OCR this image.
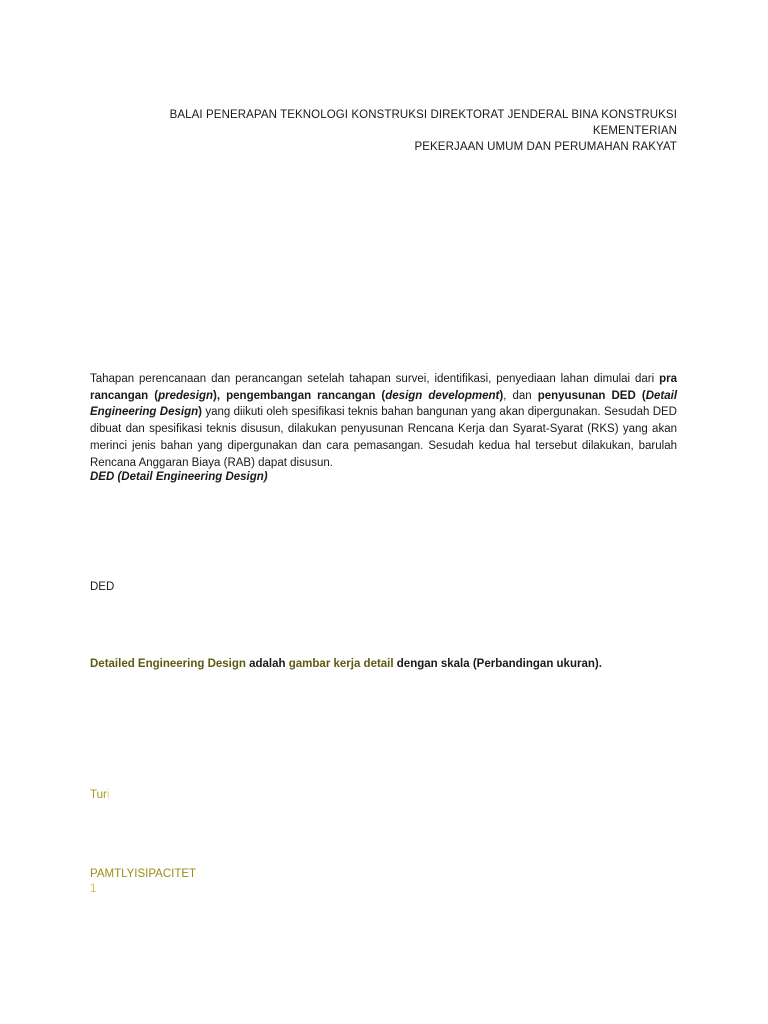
BALAI PENERAPAN TEKNOLOGI KONSTRUKSI DIREKTORAT JENDERAL BINA KONSTRUKSI KEMENTERIAN
PEKERJAAN UMUM DAN PERUMAHAN RAKYAT
Tahapan perencanaan dan perancangan setelah tahapan survei, identifikasi, penyediaan lahan dimulai dari pra rancangan (predesign), pengembangan rancangan (design development), dan penyusunan DED (Detail Engineering Design) yang diikuti oleh spesifikasi teknis bahan bangunan yang akan dipergunakan. Sesudah DED dibuat dan spesifikasi teknis disusun, dilakukan penyusunan Rencana Kerja dan Syarat-Syarat (RKS) yang akan merinci jenis bahan yang dipergunakan dan cara pemasangan. Sesudah kedua hal tersebut dilakukan, barulah Rencana Anggaran Biaya (RAB) dapat disusun.
DED (Detail Engineering Design)
DED
Detailed Engineering Design adalah gambar kerja detail dengan skala (Perbandingan ukuran).
Turi
PAMTLYISIPACITET
1
